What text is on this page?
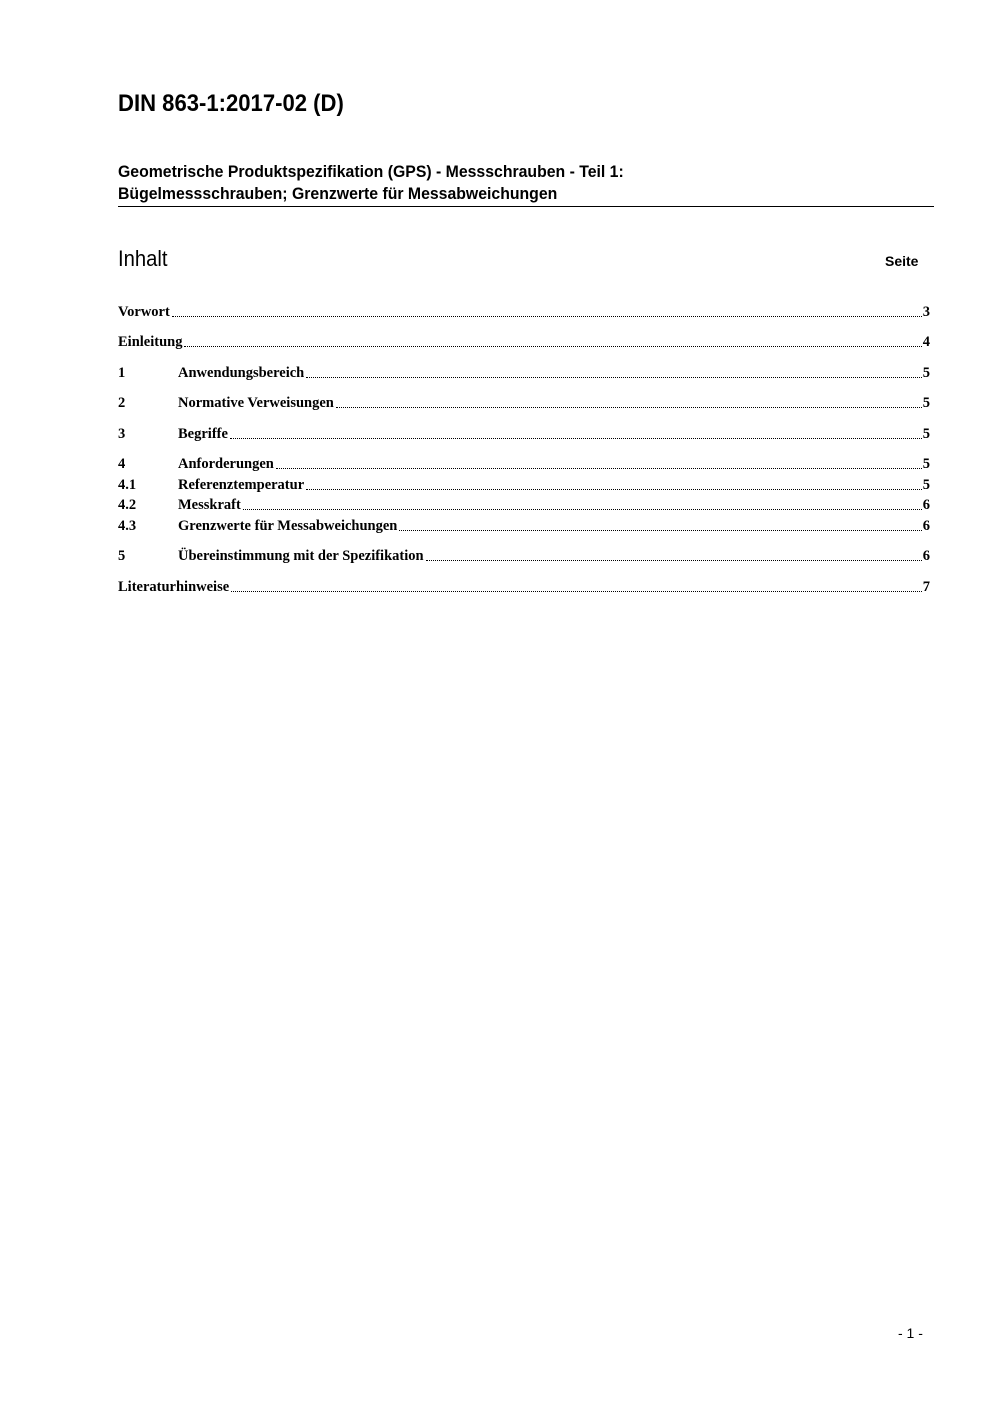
DIN 863-1:2017-02 (D)
Geometrische Produktspezifikation (GPS) - Messschrauben - Teil 1:
Bügelmessschrauben; Grenzwerte für Messabweichungen
Inhalt	Seite
Vorwort	3
Einleitung	4
1	Anwendungsbereich	5
2	Normative Verweisungen	5
3	Begriffe	5
4	Anforderungen	5
4.1	Referenztemperatur	5
4.2	Messkraft	6
4.3	Grenzwerte für Messabweichungen	6
5	Übereinstimmung mit der Spezifikation	6
Literaturhinweise	7
- 1 -
